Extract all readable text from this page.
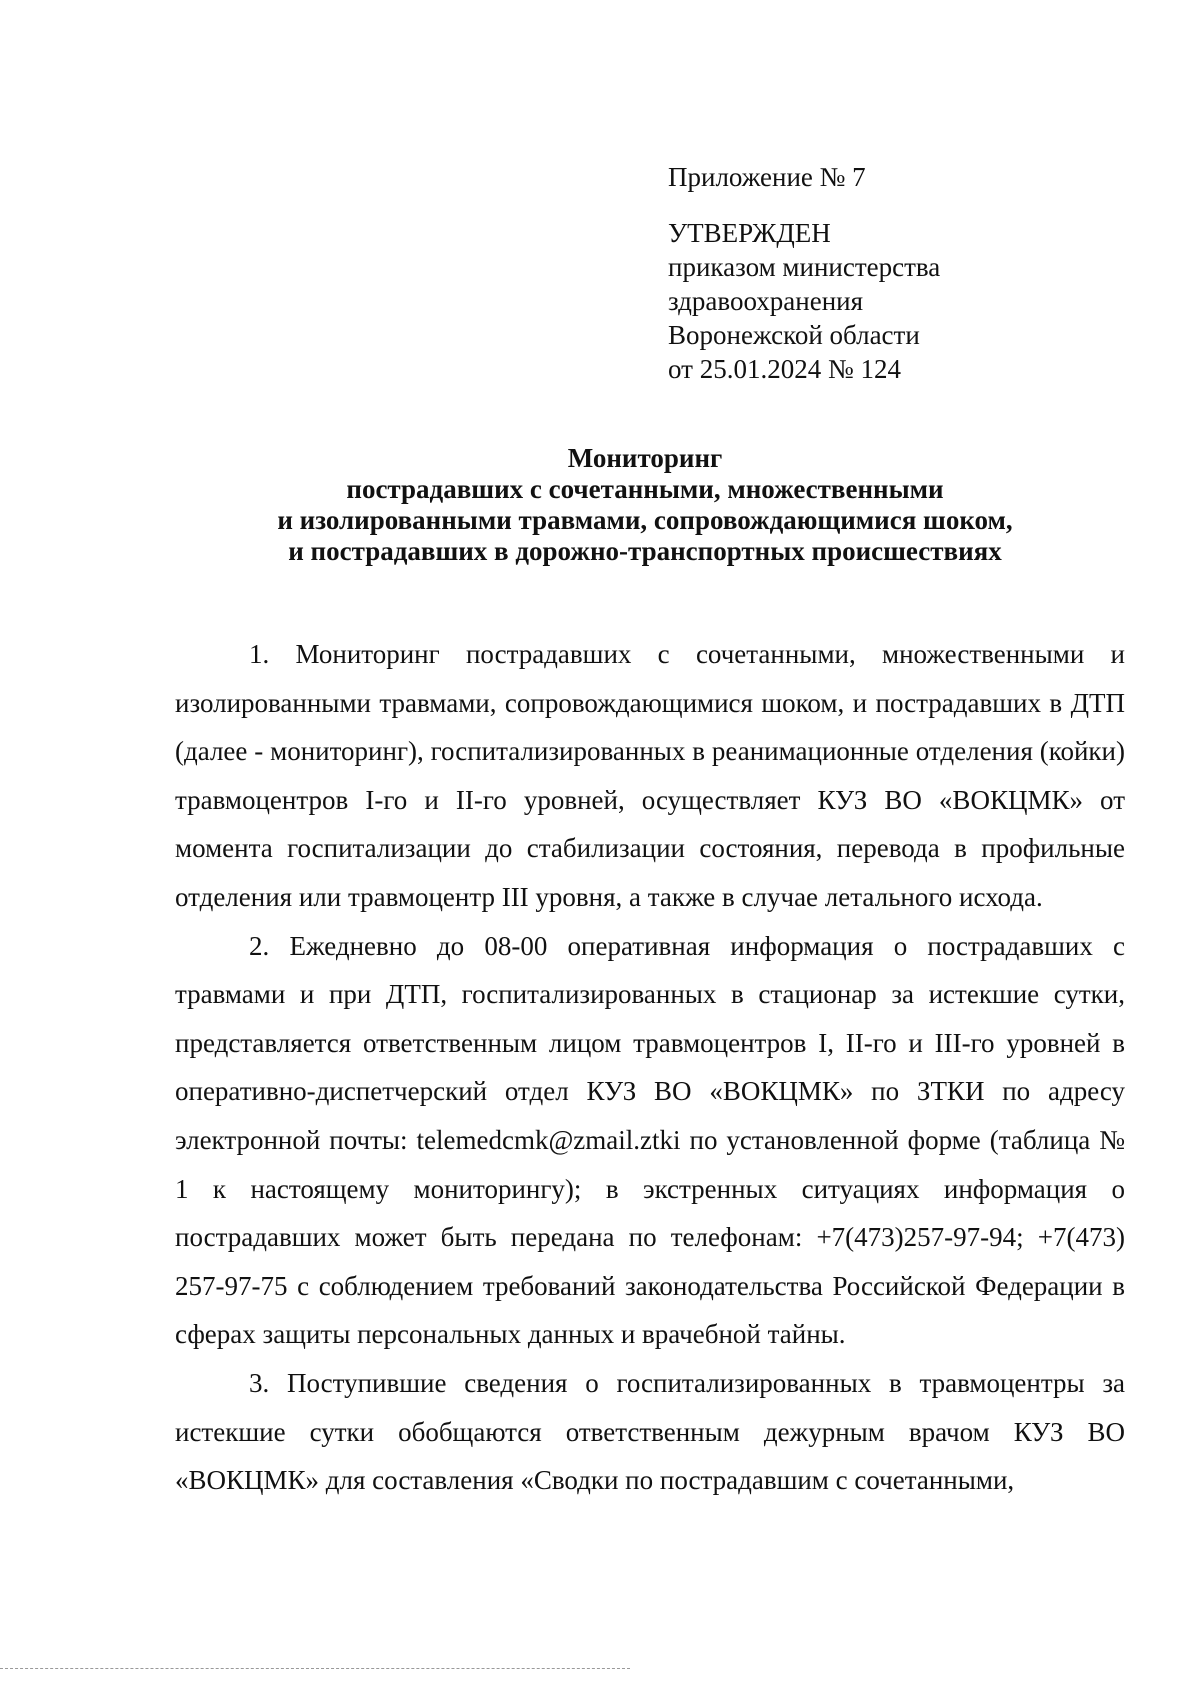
Приложение № 7

УТВЕРЖДЕН
приказом министерства
здравоохранения
Воронежской области
от 25.01.2024 № 124

Мониторинг
пострадавших с сочетанными, множественными
и изолированными травмами, сопровождающимися шоком,
и пострадавших в дорожно-транспортных происшествиях

1. Мониторинг пострадавших с сочетанными, множественными и изолированными травмами, сопровождающимися шоком, и пострадавших в ДТП (далее - мониторинг), госпитализированных в реанимационные отделения (койки) травмоцентров I-го и II-го уровней, осуществляет КУЗ ВО «ВОКЦМК» от момента госпитализации до стабилизации состояния, перевода в профильные отделения или травмоцентр III уровня, а также в случае летального исхода.

2. Ежедневно до 08-00 оперативная информация о пострадавших с травмами и при ДТП, госпитализированных в стационар за истекшие сутки, представляется ответственным лицом травмоцентров I, II-го и III-го уровней в оперативно-диспетчерский отдел КУЗ ВО «ВОКЦМК» по ЗТКИ по адресу электронной почты: telemedcmk@zmail.ztki по установленной форме (таблица № 1 к настоящему мониторингу); в экстренных ситуациях информация о пострадавших может быть передана по телефонам: +7(473)257-97-94; +7(473) 257-97-75 с соблюдением требований законодательства Российской Федерации в сферах защиты персональных данных и врачебной тайны.

3. Поступившие сведения о госпитализированных в травмоцентры за истекшие сутки обобщаются ответственным дежурным врачом КУЗ ВО «ВОКЦМК» для составления «Сводки по пострадавшим с сочетанными,
